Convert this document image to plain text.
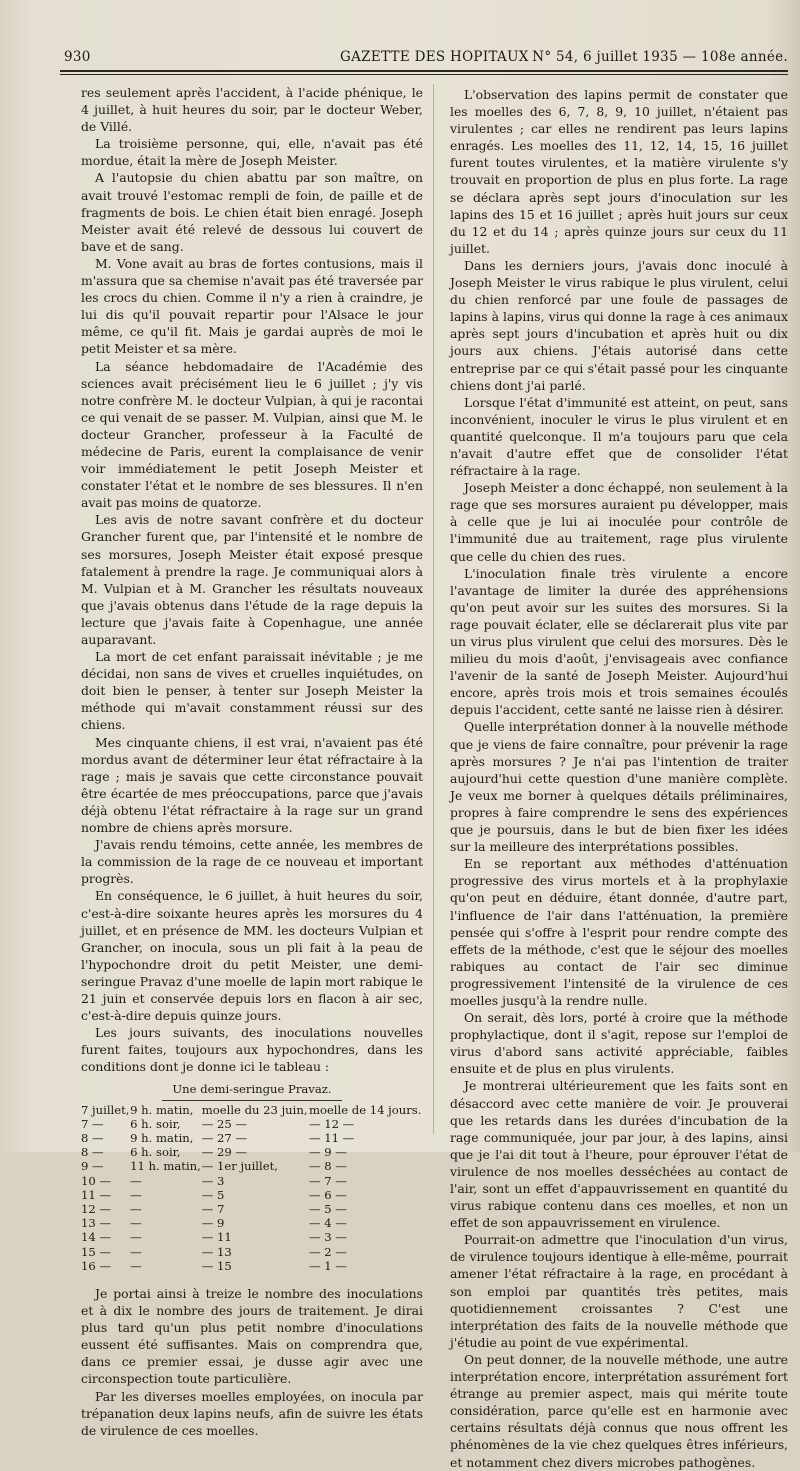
930	GAZETTE DES HOPITAUX N° 54, 6 juillet 1935 — 108e année.

res seulement après l'accident, à l'acide phénique, le 4 juillet, à huit heures du soir, par le docteur Weber, de Villé.

La troisième personne, qui, elle, n'avait pas été mordue, était la mère de Joseph Meister.

A l'autopsie du chien abattu par son maître, on avait trouvé l'estomac rempli de foin, de paille et de fragments de bois. Le chien était bien enragé. Joseph Meister avait été relevé de dessous lui couvert de bave et de sang.

M. Vone avait au bras de fortes contusions, mais il m'assura que sa chemise n'avait pas été traversée par les crocs du chien. Comme il n'y a rien à craindre, je lui dis qu'il pouvait repartir pour l'Alsace le jour même, ce qu'il fit. Mais je gardai auprès de moi le petit Meister et sa mère.

La séance hebdomadaire de l'Académie des sciences avait précisément lieu le 6 juillet ; j'y vis notre confrère M. le docteur Vulpian, à qui je racontai ce qui venait de se passer. M. Vulpian, ainsi que M. le docteur Grancher, professeur à la Faculté de médecine de Paris, eurent la complaisance de venir voir immédiatement le petit Joseph Meister et constater l'état et le nombre de ses blessures. Il n'en avait pas moins de quatorze.

Les avis de notre savant confrère et du docteur Grancher furent que, par l'intensité et le nombre de ses morsures, Joseph Meister était exposé presque fatalement à prendre la rage. Je communiquai alors à M. Vulpian et à M. Grancher les résultats nouveaux que j'avais obtenus dans l'étude de la rage depuis la lecture que j'avais faite à Copenhague, une année auparavant.

La mort de cet enfant paraissait inévitable ; je me décidai, non sans de vives et cruelles inquiétudes, on doit bien le penser, à tenter sur Joseph Meister la méthode qui m'avait constamment réussi sur des chiens.

Mes cinquante chiens, il est vrai, n'avaient pas été mordus avant de déterminer leur état réfractaire à la rage ; mais je savais que cette circonstance pouvait être écartée de mes préoccupations, parce que j'avais déjà obtenu l'état réfractaire à la rage sur un grand nombre de chiens après morsure.

J'avais rendu témoins, cette année, les membres de la commission de la rage de ce nouveau et important progrès.

En conséquence, le 6 juillet, à huit heures du soir, c'est-à-dire soixante heures après les morsures du 4 juillet, et en présence de MM. les docteurs Vulpian et Grancher, on inocula, sous un pli fait à la peau de l'hypochondre droit du petit Meister, une demi-seringue Pravaz d'une moelle de lapin mort rabique le 21 juin et conservée depuis lors en flacon à air sec, c'est-à-dire depuis quinze jours.

Les jours suivants, des inoculations nouvelles furent faites, toujours aux hypochondres, dans les conditions dont je donne ici le tableau :

Une demi-seringue Pravaz.
7 juillet,	9 h. matin,	moelle du 23 juin,	moelle de 14 jours.
7 —	6 h. soir,	— 25 —	— 12 —
8 —	9 h. matin,	— 27 —	— 11 —
8 —	6 h. soir,	— 29 —	— 9 —
9 —	11 h. matin,	— 1er juillet,	— 8 —
10 —	—	— 3	— 7 —
11 —	—	— 5	— 6 —
12 —	—	— 7	— 5 —
13 —	—	— 9	— 4 —
14 —	—	— 11	— 3 —
15 —	—	— 13	— 2 —
16 —	—	— 15	— 1 —

Je portai ainsi à treize le nombre des inoculations et à dix le nombre des jours de traitement. Je dirai plus tard qu'un plus petit nombre d'inoculations eussent été suffisantes. Mais on comprendra que, dans ce premier essai, je dusse agir avec une circonspection toute particulière.

Par les diverses moelles employées, on inocula par trépanation deux lapins neufs, afin de suivre les états de virulence de ces moelles.

L'observation des lapins permit de constater que les moelles des 6, 7, 8, 9, 10 juillet, n'étaient pas virulentes ; car elles ne rendirent pas leurs lapins enragés. Les moelles des 11, 12, 14, 15, 16 juillet furent toutes virulentes, et la matière virulente s'y trouvait en proportion de plus en plus forte. La rage se déclara après sept jours d'inoculation sur les lapins des 15 et 16 juillet ; après huit jours sur ceux du 12 et du 14 ; après quinze jours sur ceux du 11 juillet.

Dans les derniers jours, j'avais donc inoculé à Joseph Meister le virus rabique le plus virulent, celui du chien renforcé par une foule de passages de lapins à lapins, virus qui donne la rage à ces animaux après sept jours d'incubation et après huit ou dix jours aux chiens. J'étais autorisé dans cette entreprise par ce qui s'était passé pour les cinquante chiens dont j'ai parlé.

Lorsque l'état d'immunité est atteint, on peut, sans inconvénient, inoculer le virus le plus virulent et en quantité quelconque. Il m'a toujours paru que cela n'avait d'autre effet que de consolider l'état réfractaire à la rage.

Joseph Meister a donc échappé, non seulement à la rage que ses morsures auraient pu développer, mais à celle que je lui ai inoculée pour contrôle de l'immunité due au traitement, rage plus virulente que celle du chien des rues.

L'inoculation finale très virulente a encore l'avantage de limiter la durée des appréhensions qu'on peut avoir sur les suites des morsures. Si la rage pouvait éclater, elle se déclarerait plus vite par un virus plus virulent que celui des morsures. Dès le milieu du mois d'août, j'envisageais avec confiance l'avenir de la santé de Joseph Meister. Aujourd'hui encore, après trois mois et trois semaines écoulés depuis l'accident, cette santé ne laisse rien à désirer.

Quelle interprétation donner à la nouvelle méthode que je viens de faire connaître, pour prévenir la rage après morsures ? Je n'ai pas l'intention de traiter aujourd'hui cette question d'une manière complète. Je veux me borner à quelques détails préliminaires, propres à faire comprendre le sens des expériences que je poursuis, dans le but de bien fixer les idées sur la meilleure des interprétations possibles.

En se reportant aux méthodes d'atténuation progressive des virus mortels et à la prophylaxie qu'on peut en déduire, étant donnée, d'autre part, l'influence de l'air dans l'atténuation, la première pensée qui s'offre à l'esprit pour rendre compte des effets de la méthode, c'est que le séjour des moelles rabiques au contact de l'air sec diminue progressivement l'intensité de la virulence de ces moelles jusqu'à la rendre nulle.

On serait, dès lors, porté à croire que la méthode prophylactique, dont il s'agit, repose sur l'emploi de virus d'abord sans activité appréciable, faibles ensuite et de plus en plus virulents.

Je montrerai ultérieurement que les faits sont en désaccord avec cette manière de voir. Je prouverai que les retards dans les durées d'incubation de la rage communiquée, jour par jour, à des lapins, ainsi que je l'ai dit tout à l'heure, pour éprouver l'état de virulence de nos moelles desséchées au contact de l'air, sont un effet d'appauvrissement en quantité du virus rabique contenu dans ces moelles, et non un effet de son appauvrissement en virulence.

Pourrait-on admettre que l'inoculation d'un virus, de virulence toujours identique à elle-même, pourrait amener l'état réfractaire à la rage, en procédant à son emploi par quantités très petites, mais quotidiennement croissantes ? C'est une interprétation des faits de la nouvelle méthode que j'étudie au point de vue expérimental.

On peut donner, de la nouvelle méthode, une autre interprétation encore, interprétation assurément fort étrange au premier aspect, mais qui mérite toute considération, parce qu'elle est en harmonie avec certains résultats déjà connus que nous offrent les phénomènes de la vie chez quelques êtres inférieurs, et notamment chez divers microbes pathogènes.
